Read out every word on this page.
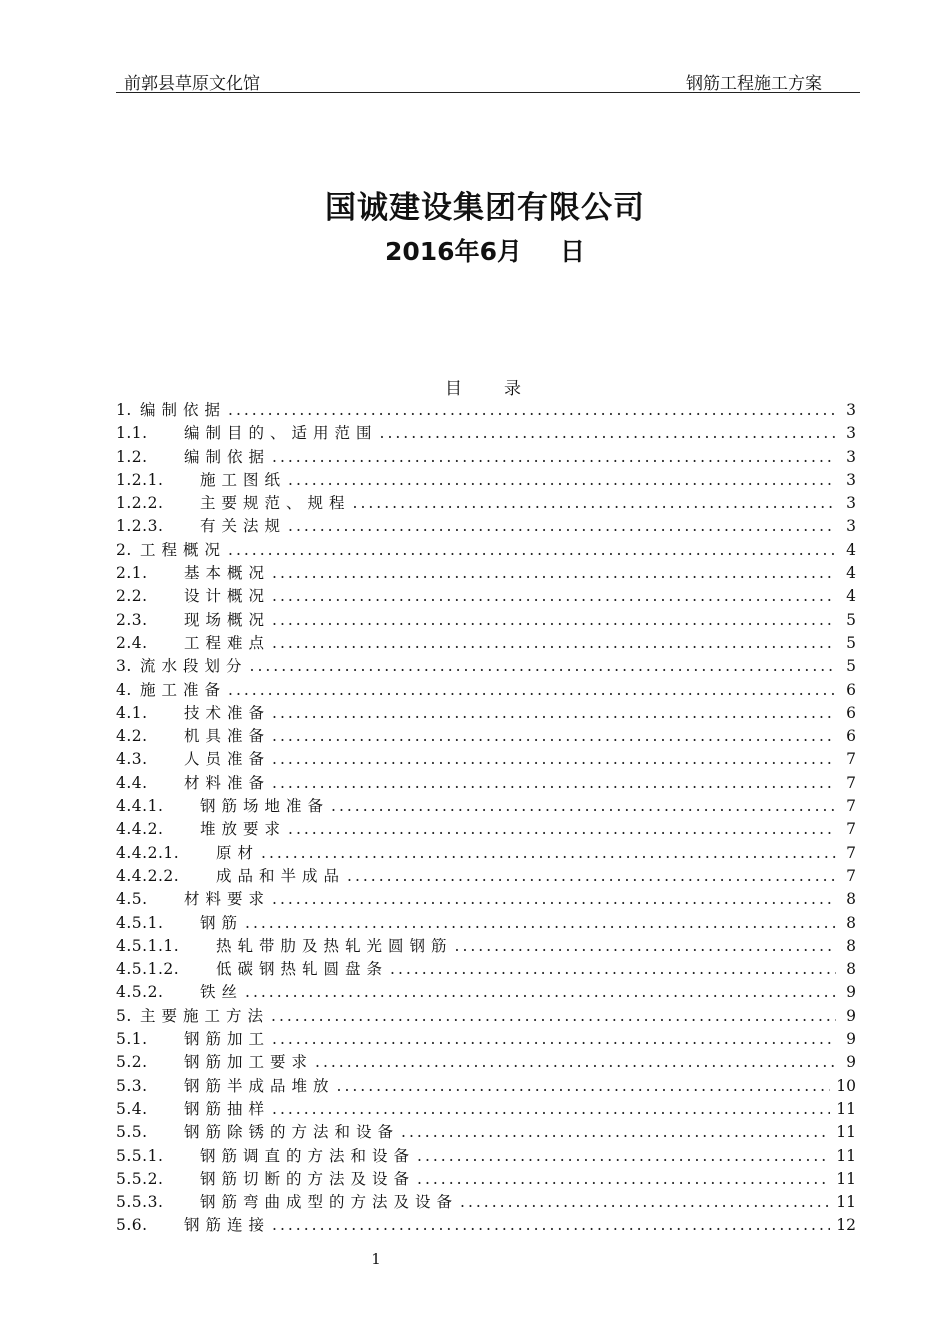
前郭县草原文化馆	钢筋工程施工方案
国诚建设集团有限公司
2016年6月 日
目 录
1. 编制依据 .....	3
1.1.	编制目的、适用范围 .....	3
1.2.	编制依据 .....	3
1.2.1.	施工图纸 .....	3
1.2.2.	主要规范、规程 .....	3
1.2.3.	有关法规 .....	3
2. 工程概况 .....	4
2.1.	基本概况 .....	4
2.2.	设计概况 .....	4
2.3.	现场概况 .....	5
2.4.	工程难点 .....	5
3. 流水段划分 .....	5
4. 施工准备 .....	6
4.1.	技术准备 .....	6
4.2.	机具准备 .....	6
4.3.	人员准备 .....	7
4.4.	材料准备 .....	7
4.4.1.	钢筋场地准备 .....	7
4.4.2.	堆放要求 .....	7
4.4.2.1.	原材 .....	7
4.4.2.2.	成品和半成品 .....	7
4.5.	材料要求 .....	8
4.5.1.	钢筋 .....	8
4.5.1.1.	热轧带肋及热轧光圆钢筋 .....	8
4.5.1.2.	低碳钢热轧圆盘条 .....	8
4.5.2.	铁丝 .....	9
5. 主要施工方法 .....	9
5.1.	钢筋加工 .....	9
5.2.	钢筋加工要求 .....	9
5.3.	钢筋半成品堆放 .....	10
5.4.	钢筋抽样 .....	11
5.5.	钢筋除锈的方法和设备 .....	11
5.5.1.	钢筋调直的方法和设备 .....	11
5.5.2.	钢筋切断的方法及设备 .....	11
5.5.3.	钢筋弯曲成型的方法及设备 .....	11
5.6.	钢筋连接 .....	12
1
